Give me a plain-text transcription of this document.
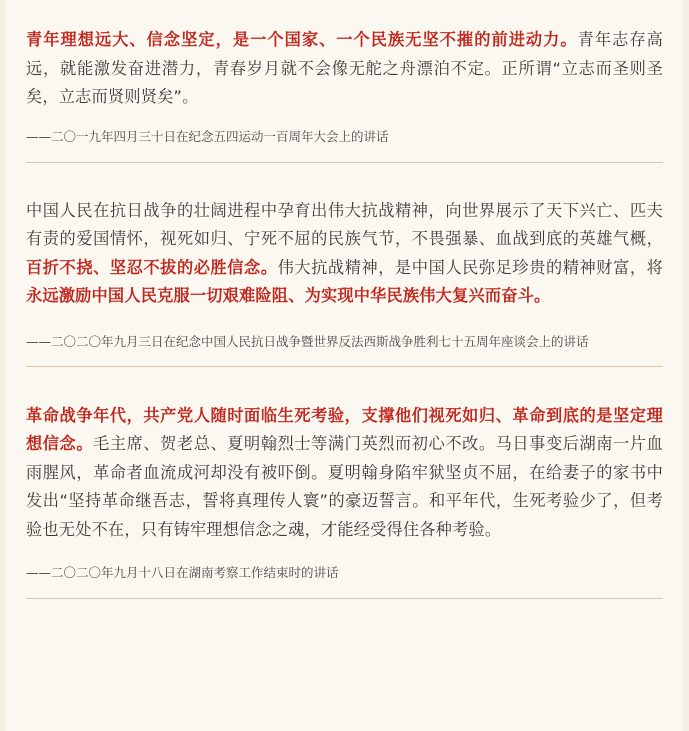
青年理想远大、信念坚定，是一个国家、一个民族无坚不摧的前进动力。青年志存高远，就能激发奋进潜力，青春岁月就不会像无舵之舟漂泊不定。正所谓“立志而圣则圣矣，立志而贤则贤矣”。

——二〇一九年四月三十日在纪念五四运动一百周年大会上的讲话

中国人民在抗日战争的壮阔进程中孕育出伟大抗战精神，向世界展示了天下兴亡、匹夫有责的爱国情怀，视死如归、宁死不屈的民族气节，不畏强暴、血战到底的英雄气概，百折不挠、坚忍不拔的必胜信念。伟大抗战精神，是中国人民弥足珍贵的精神财富，将永远激励中国人民克服一切艰难险阻、为实现中华民族伟大复兴而奋斗。

——二〇二〇年九月三日在纪念中国人民抗日战争暨世界反法西斯战争胜利七十五周年座谈会上的讲话

革命战争年代，共产党人随时面临生死考验，支撑他们视死如归、革命到底的是坚定理想信念。毛主席、贺老总、夏明翰烈士等满门英烈而初心不改。马日事变后湖南一片血雨腥风，革命者血流成河却没有被吓倒。夏明翰身陷牢狱坚贞不屈，在给妻子的家书中发出“坚持革命继吾志，誓将真理传人寰”的豪迈誓言。和平年代，生死考验少了，但考验也无处不在，只有铸牢理想信念之魂，才能经受得住各种考验。

——二〇二〇年九月十八日在湖南考察工作结束时的讲话
